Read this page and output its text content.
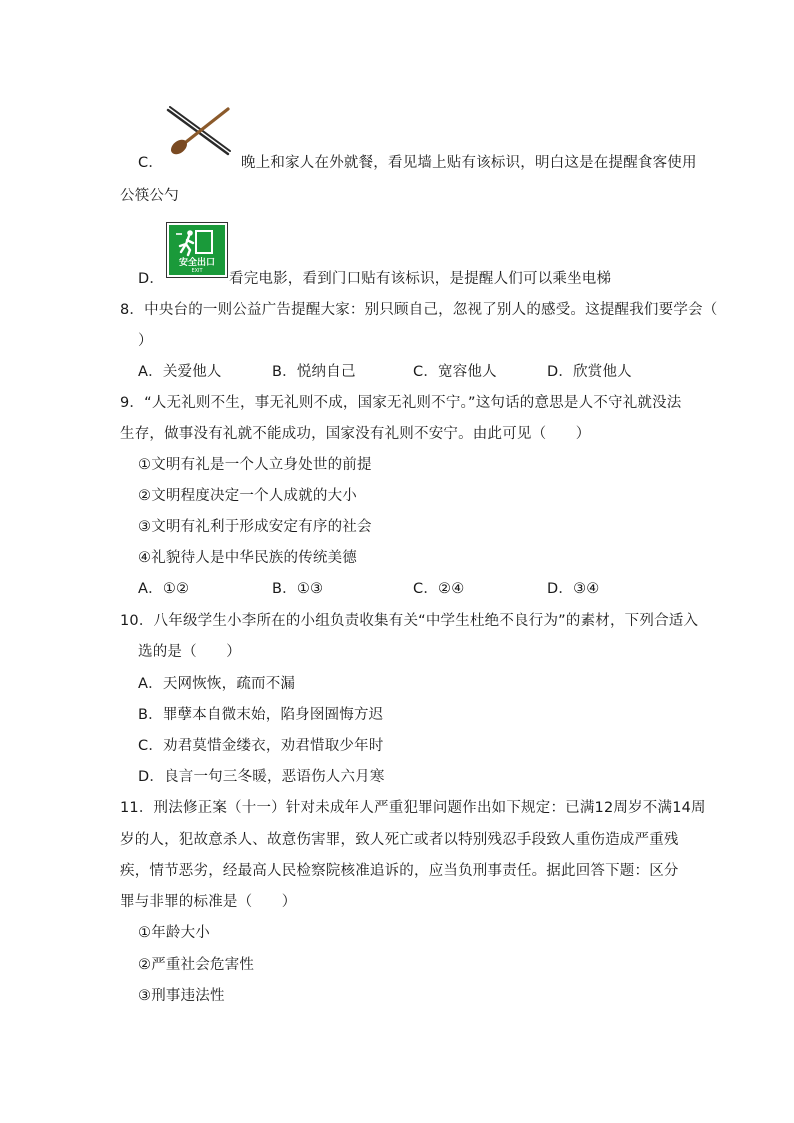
C．	晚上和家人在外就餐，看见墙上贴有该标识，明白这是在提醒食客使用
公筷公勺
安全出口
EXIT
D．	看完电影，看到门口贴有该标识，是提醒人们可以乘坐电梯
8．中央台的一则公益广告提醒大家：别只顾自己，忽视了别人的感受。这提醒我们要学会（
）
A．关爱他人	B．悦纳自己	C．宽容他人	D．欣赏他人
9．“人无礼则不生，事无礼则不成，国家无礼则不宁。”这句话的意思是人不守礼就没法
生存，做事没有礼就不能成功，国家没有礼则不安宁。由此可见（　　）
①文明有礼是一个人立身处世的前提
②文明程度决定一个人成就的大小
③文明有礼利于形成安定有序的社会
④礼貌待人是中华民族的传统美德
A．①②	B．①③	C．②④	D．③④
10．八年级学生小李所在的小组负责收集有关“中学生杜绝不良行为”的素材，下列合适入
选的是（　　）
A．天网恢恢，疏而不漏
B．罪孽本自微末始，陷身囹圄悔方迟
C．劝君莫惜金缕衣，劝君惜取少年时
D．良言一句三冬暖，恶语伤人六月寒
11．刑法修正案（十一）针对未成年人严重犯罪问题作出如下规定：已满12周岁不满14周
岁的人，犯故意杀人、故意伤害罪，致人死亡或者以特别残忍手段致人重伤造成严重残
疾，情节恶劣，经最高人民检察院核准追诉的，应当负刑事责任。据此回答下题：区分
罪与非罪的标准是（　　）
①年龄大小
②严重社会危害性
③刑事违法性
